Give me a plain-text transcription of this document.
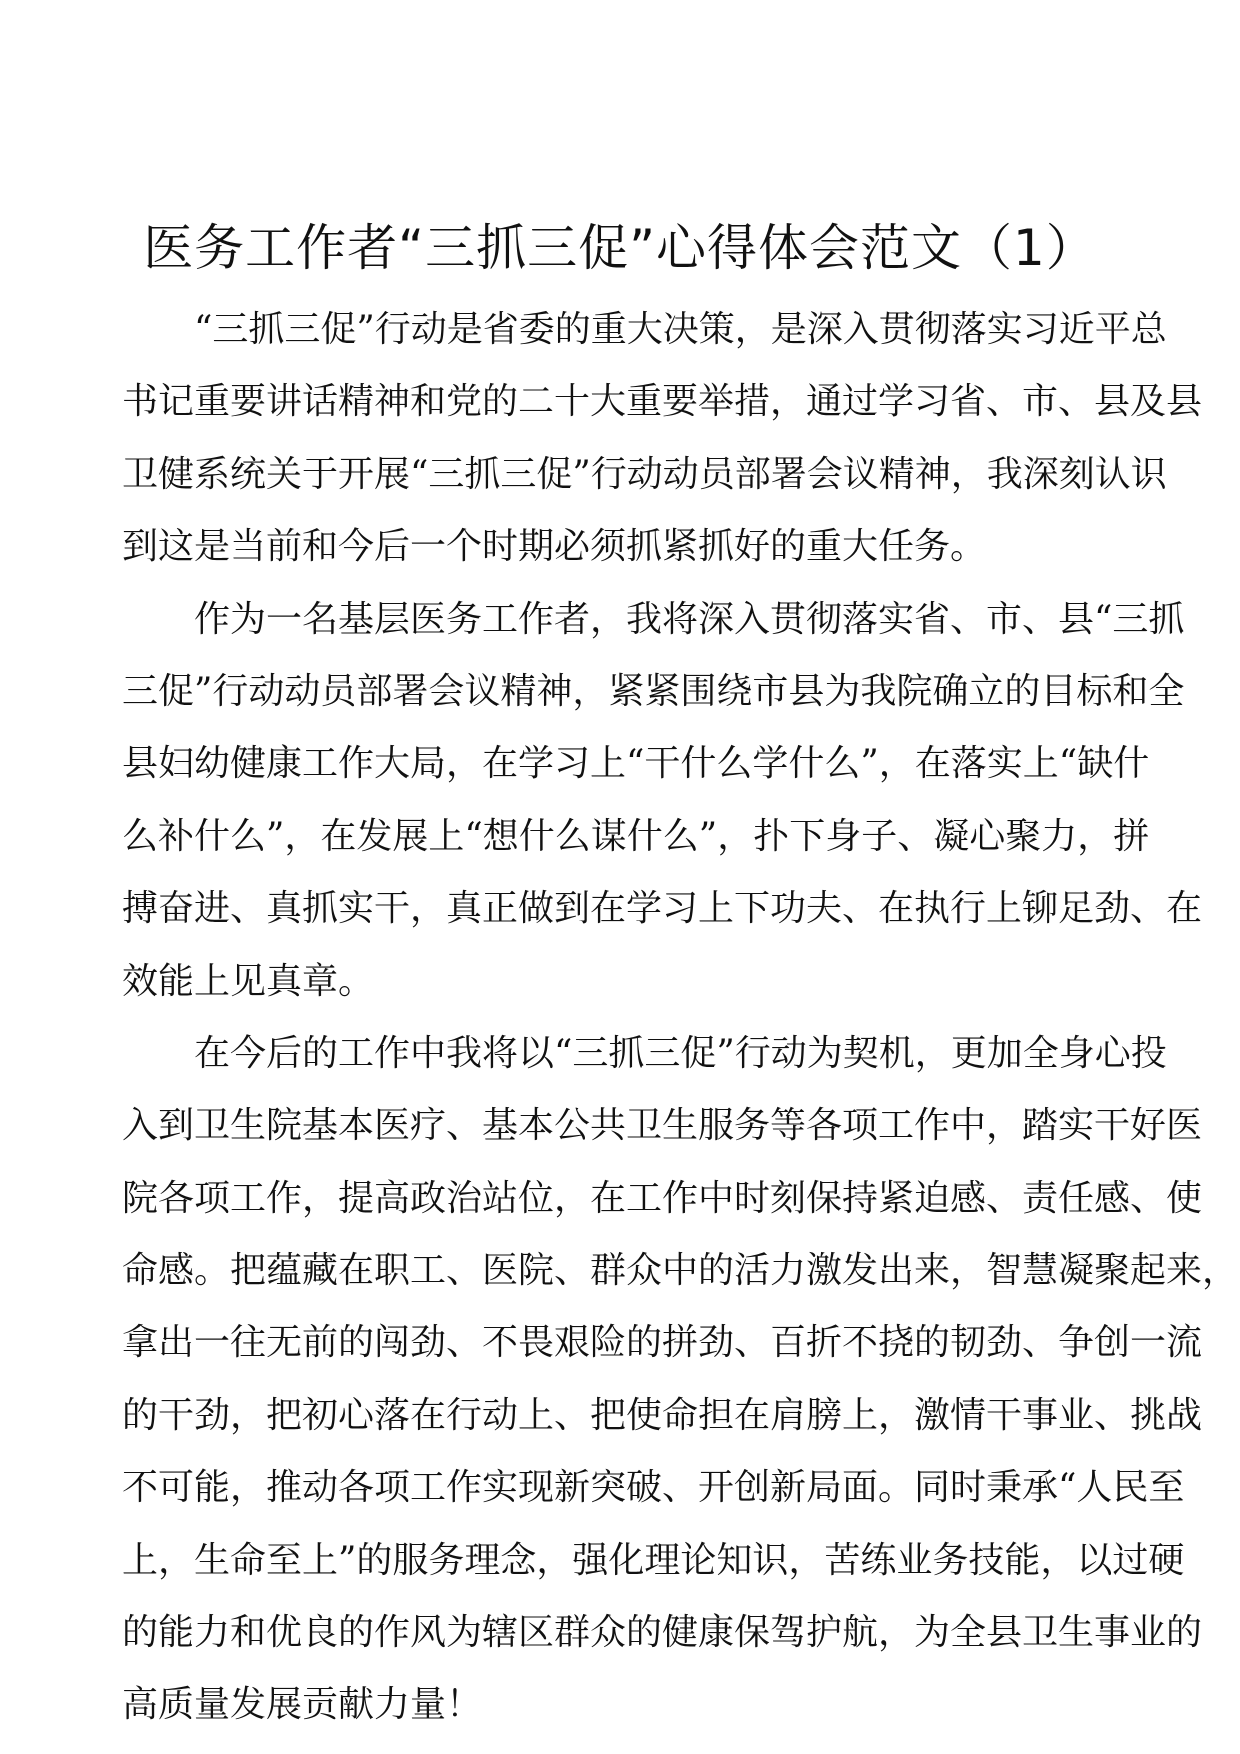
医务工作者“三抓三促”心得体会范文（1）
“三抓三促”行动是省委的重大决策，是深入贯彻落实习近平总
书记重要讲话精神和党的二十大重要举措，通过学习省、市、县及县
卫健系统关于开展“三抓三促”行动动员部署会议精神，我深刻认识
到这是当前和今后一个时期必须抓紧抓好的重大任务。
作为一名基层医务工作者，我将深入贯彻落实省、市、县“三抓
三促”行动动员部署会议精神，紧紧围绕市县为我院确立的目标和全
县妇幼健康工作大局，在学习上“干什么学什么”，在落实上“缺什
么补什么”，在发展上“想什么谋什么”，扑下身子、凝心聚力，拼
搏奋进、真抓实干，真正做到在学习上下功夫、在执行上铆足劲、在
效能上见真章。
在今后的工作中我将以“三抓三促”行动为契机，更加全身心投
入到卫生院基本医疗、基本公共卫生服务等各项工作中，踏实干好医
院各项工作，提高政治站位，在工作中时刻保持紧迫感、责任感、使
命感。把蕴藏在职工、医院、群众中的活力激发出来，智慧凝聚起来，
拿出一往无前的闯劲、不畏艰险的拼劲、百折不挠的韧劲、争创一流
的干劲，把初心落在行动上、把使命担在肩膀上，激情干事业、挑战
不可能，推动各项工作实现新突破、开创新局面。同时秉承“人民至
上，生命至上”的服务理念，强化理论知识，苦练业务技能，以过硬
的能力和优良的作风为辖区群众的健康保驾护航，为全县卫生事业的
高质量发展贡献力量！
